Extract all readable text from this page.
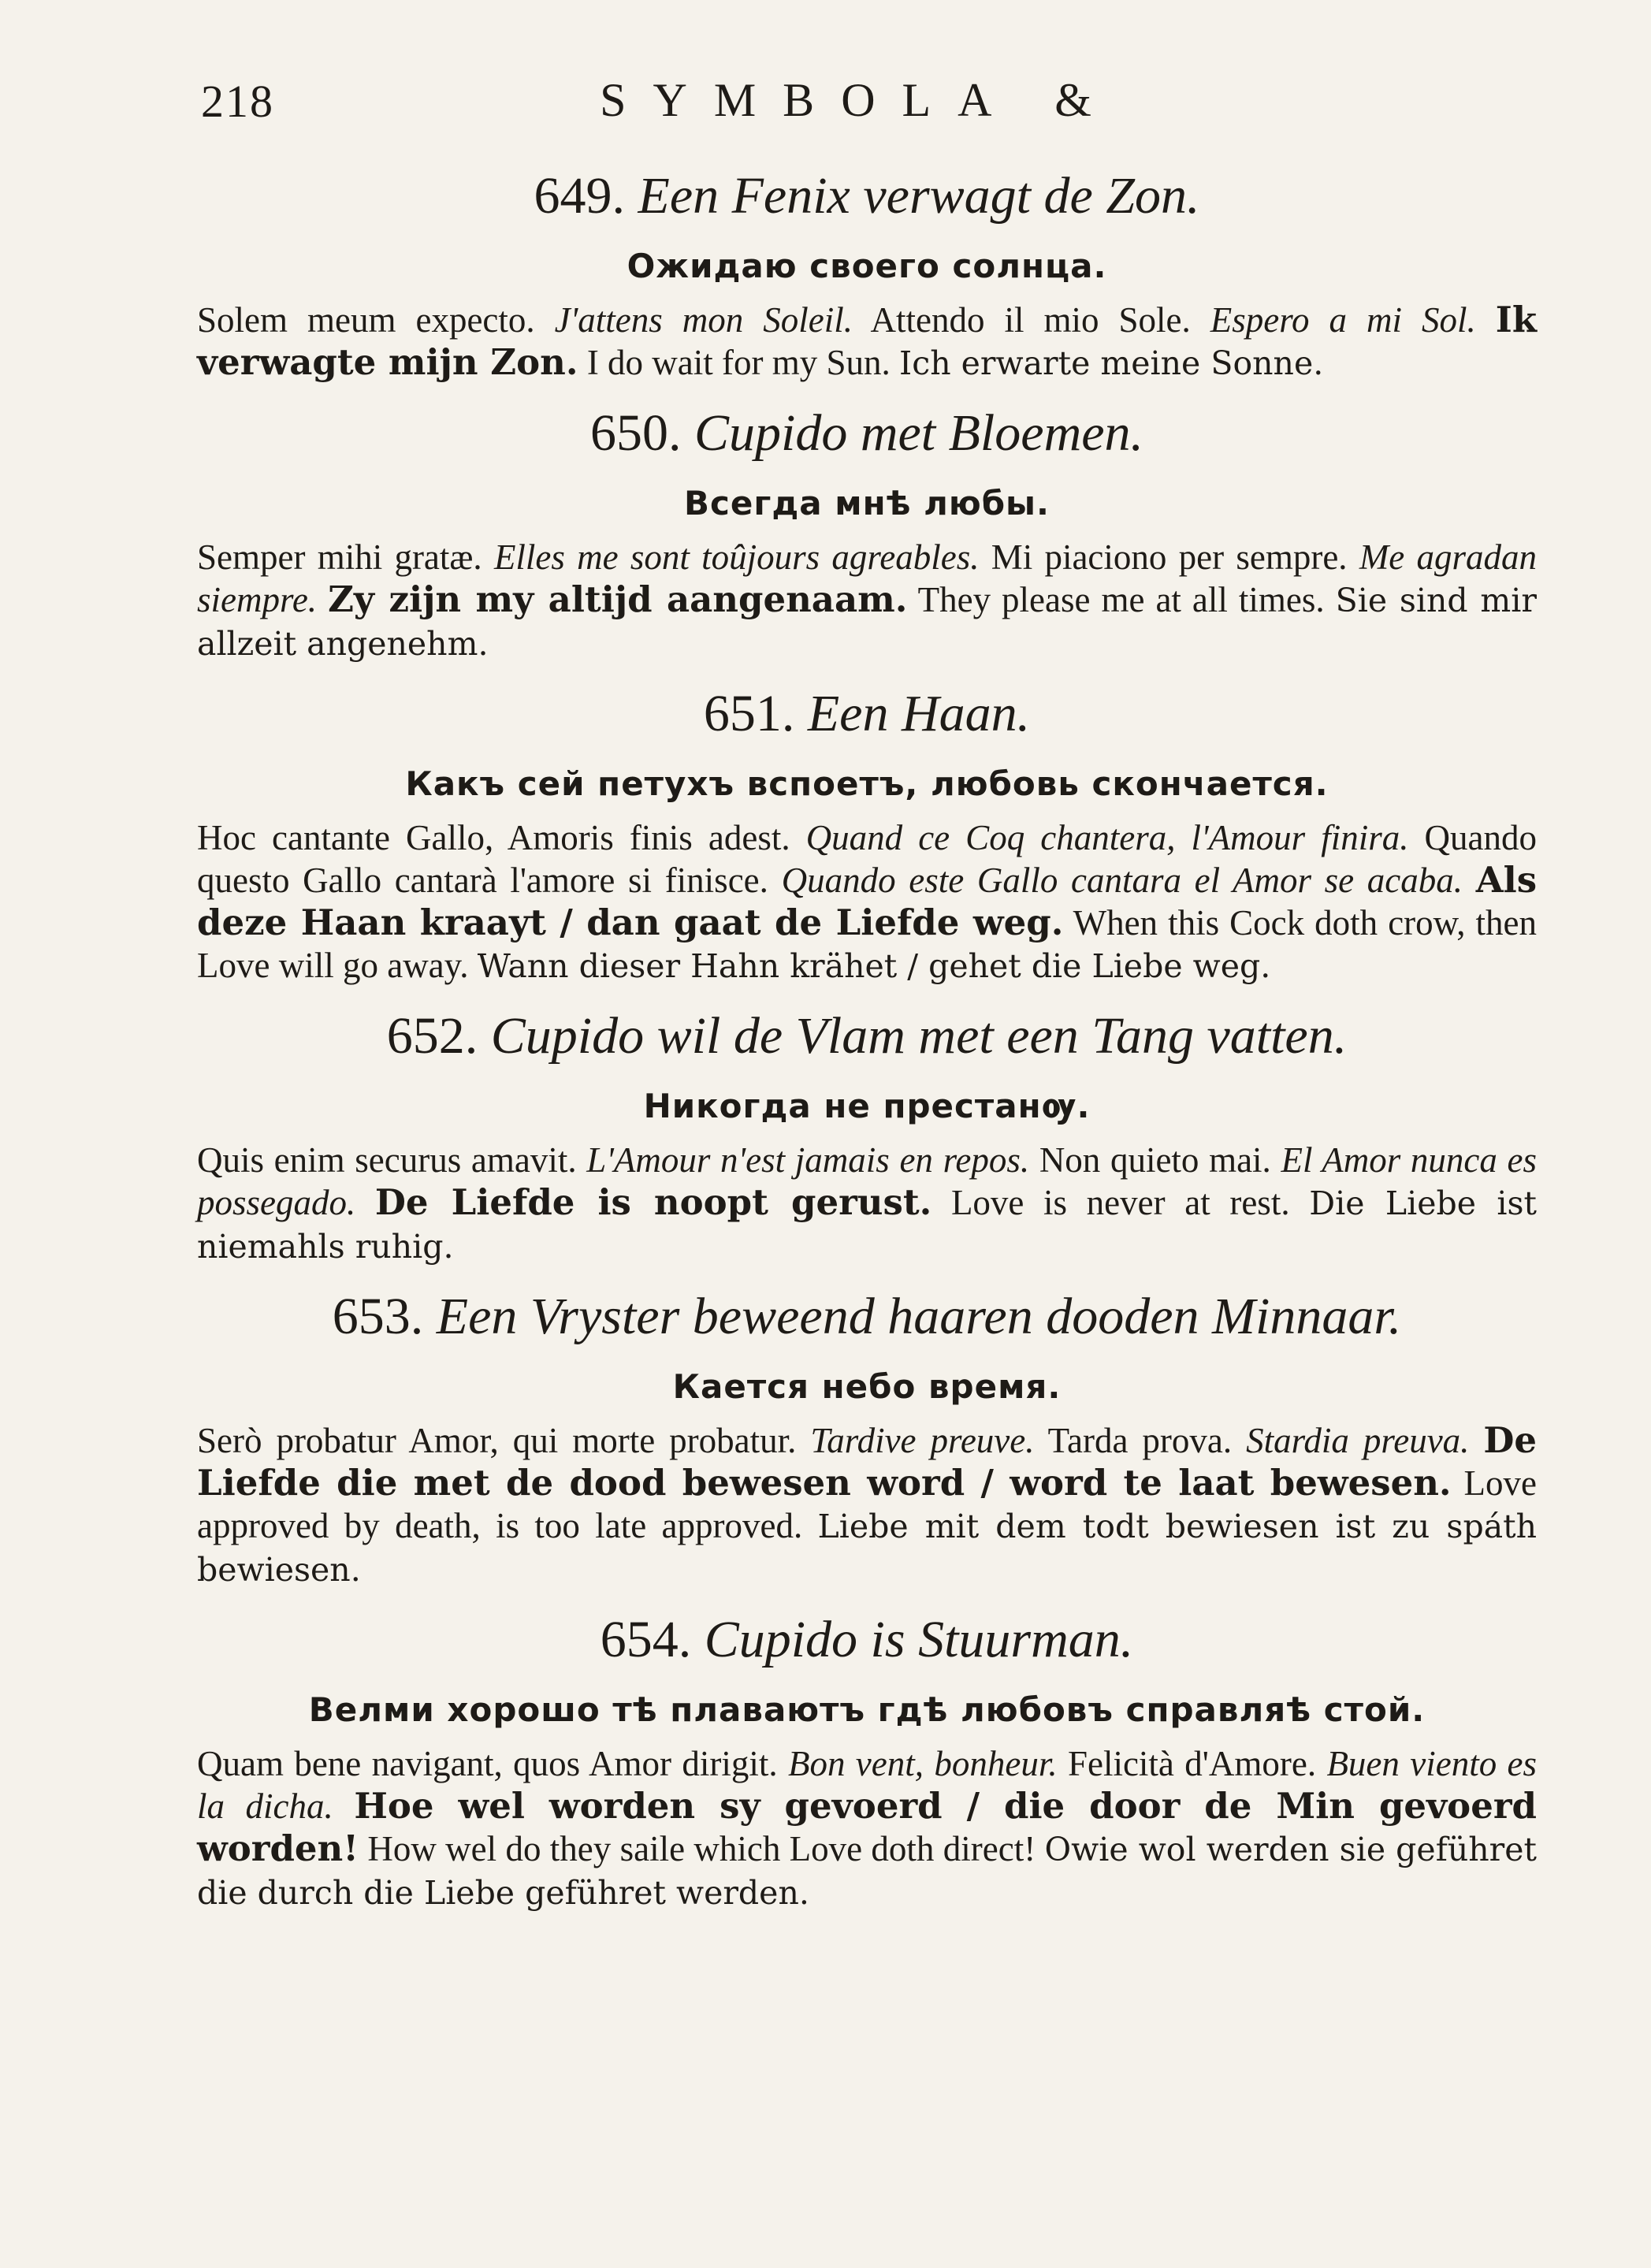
218	SYMBOLA &

649. Een Fenix verwagt de Zon.

Ожидаю своего солнца.

Solem meum expecto. J'attens mon Soleil. Attendo il mio Sole. Espero a mi Sol. Ik verwagte mijn Zon. I do wait for my Sun. Ich erwarte meine Sonne.

650. Cupido met Bloemen.

Всегда мнѣ любы.

Semper mihi gratæ. Elles me sont toûjours agreables. Mi piaciono per sempre. Me agradan siempre. Zy zijn my altijd aangenaam. They please me at all times. Sie sind mir allzeit angenehm.

651. Een Haan.

Какъ сей петухъ вспоетъ, любовь скончается.

Hoc cantante Gallo, Amoris finis adest. Quand ce Coq chantera, l'Amour finira. Quando questo Gallo cantarà l'amore si finisce. Quando este Gallo cantara el Amor se acaba. Als deze Haan kraayt / dan gaat de Liefde weg. When this Cock doth crow, then Love will go away. Wann dieser Hahn krähet / gehet die Liebe weg.

652. Cupido wil de Vlam met een Tang vatten.

Никогда не престанѹ.

Quis enim securus amavit. L'Amour n'est jamais en repos. Non quieto mai. El Amor nunca es possegado. De Liefde is noopt gerust. Love is never at rest. Die Liebe ist niemahls ruhig.

653. Een Vryster beweend haaren dooden Minnaar.

Кается небо время.

Serò probatur Amor, qui morte probatur. Tardive preuve. Tarda prova. Stardia preuva. De Liefde die met de dood bewesen word / word te laat bewesen. Love approved by death, is too late approved. Liebe mit dem todt bewiesen ist zu spáth bewiesen.

654. Cupido is Stuurman.

Велми хорошо тѣ плаваютъ гдѣ любовъ справляѣ стой.

Quam bene navigant, quos Amor dirigit. Bon vent, bonheur. Felicità d'Amore. Buen viento es la dicha. Hoe wel worden sy gevoerd / die door de Min gevoerd worden! How wel do they saile which Love doth direct! Owie wol werden sie geführet die durch die Liebe geführet werden.
